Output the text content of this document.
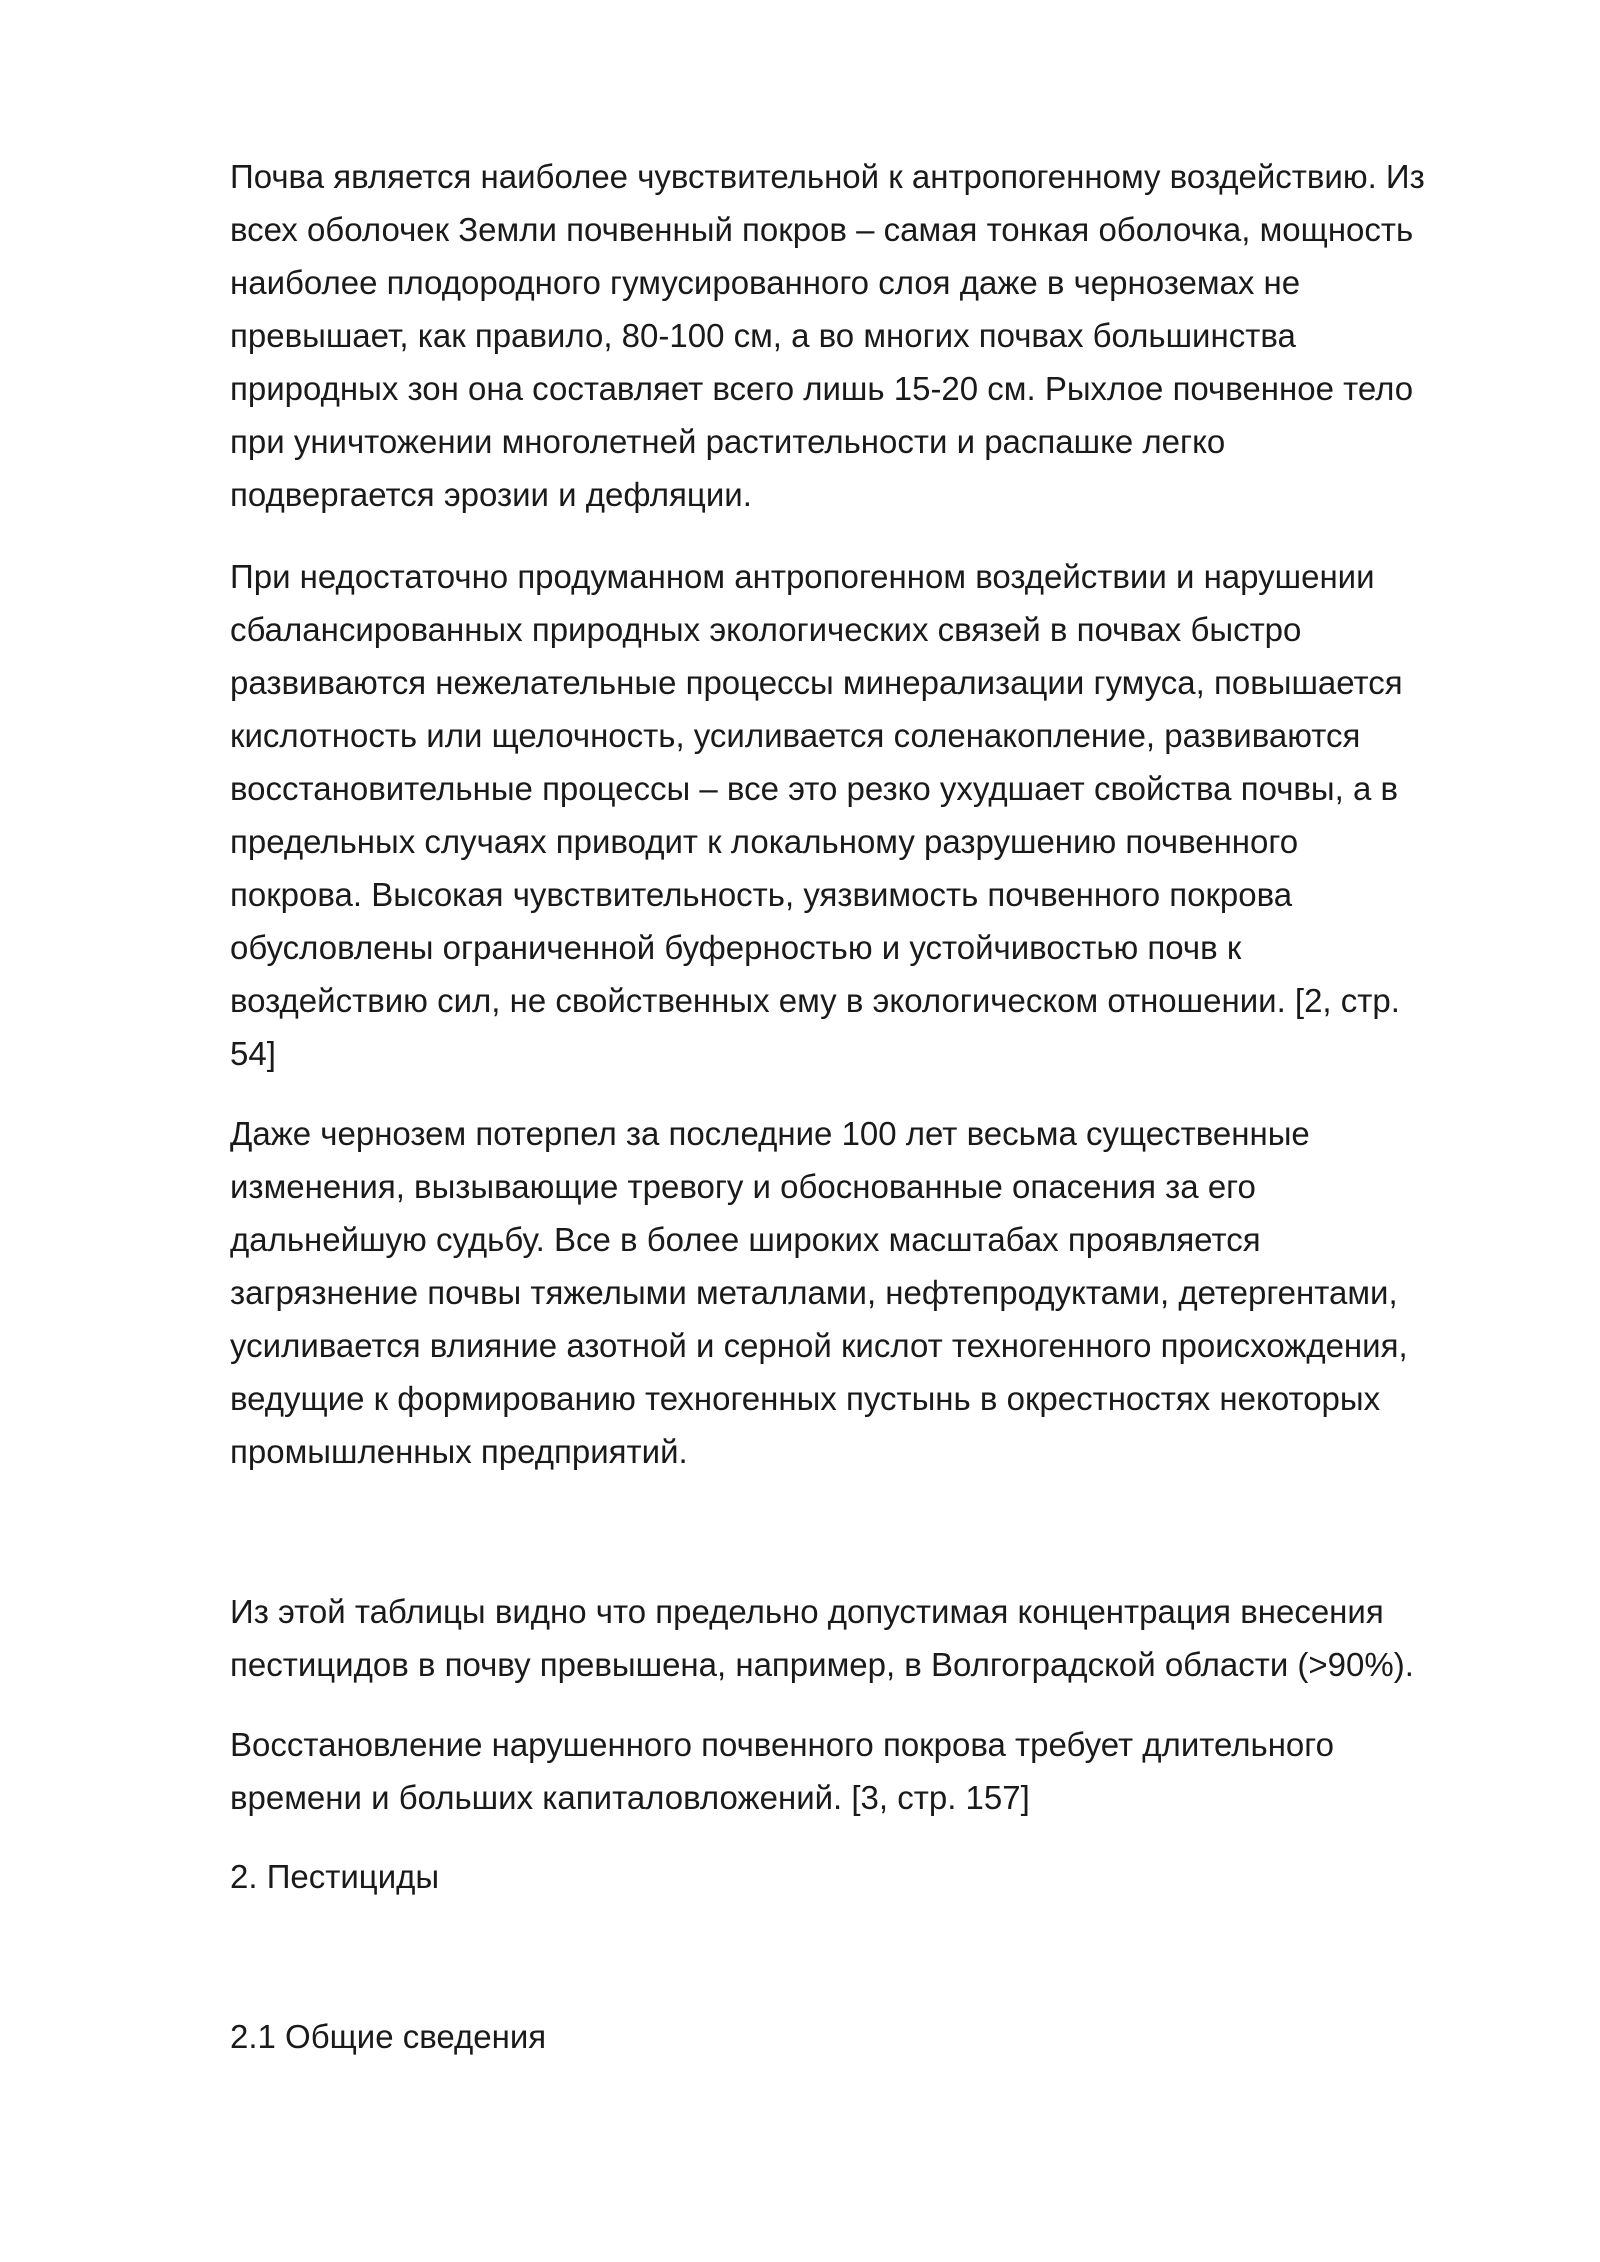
Почва является наиболее чувствительной к антропогенному воздействию. Из
всех оболочек Земли почвенный покров – самая тонкая оболочка, мощность
наиболее плодородного гумусированного слоя даже в черноземах не
превышает, как правило, 80-100 см, а во многих почвах большинства
природных зон она составляет всего лишь 15-20 см. Рыхлое почвенное тело
при уничтожении многолетней растительности и распашке легко
подвергается эрозии и дефляции.

При недостаточно продуманном антропогенном воздействии и нарушении
сбалансированных природных экологических связей в почвах быстро
развиваются нежелательные процессы минерализации гумуса, повышается
кислотность или щелочность, усиливается соленакопление, развиваются
восстановительные процессы – все это резко ухудшает свойства почвы, а в
предельных случаях приводит к локальному разрушению почвенного
покрова. Высокая чувствительность, уязвимость почвенного покрова
обусловлены ограниченной буферностью и устойчивостью почв к
воздействию сил, не свойственных ему в экологическом отношении. [2, стр.
54]

Даже чернозем потерпел за последние 100 лет весьма существенные
изменения, вызывающие тревогу и обоснованные опасения за его
дальнейшую судьбу. Все в более широких масштабах проявляется
загрязнение почвы тяжелыми металлами, нефтепродуктами, детергентами,
усиливается влияние азотной и серной кислот техногенного происхождения,
ведущие к формированию техногенных пустынь в окрестностях некоторых
промышленных предприятий.

Из этой таблицы видно что предельно допустимая концентрация внесения
пестицидов в почву превышена, например, в Волгоградской области (>90%).

Восстановление нарушенного почвенного покрова требует длительного
времени и больших капиталовложений. [3, стр. 157]

2. Пестициды

2.1 Общие сведения
